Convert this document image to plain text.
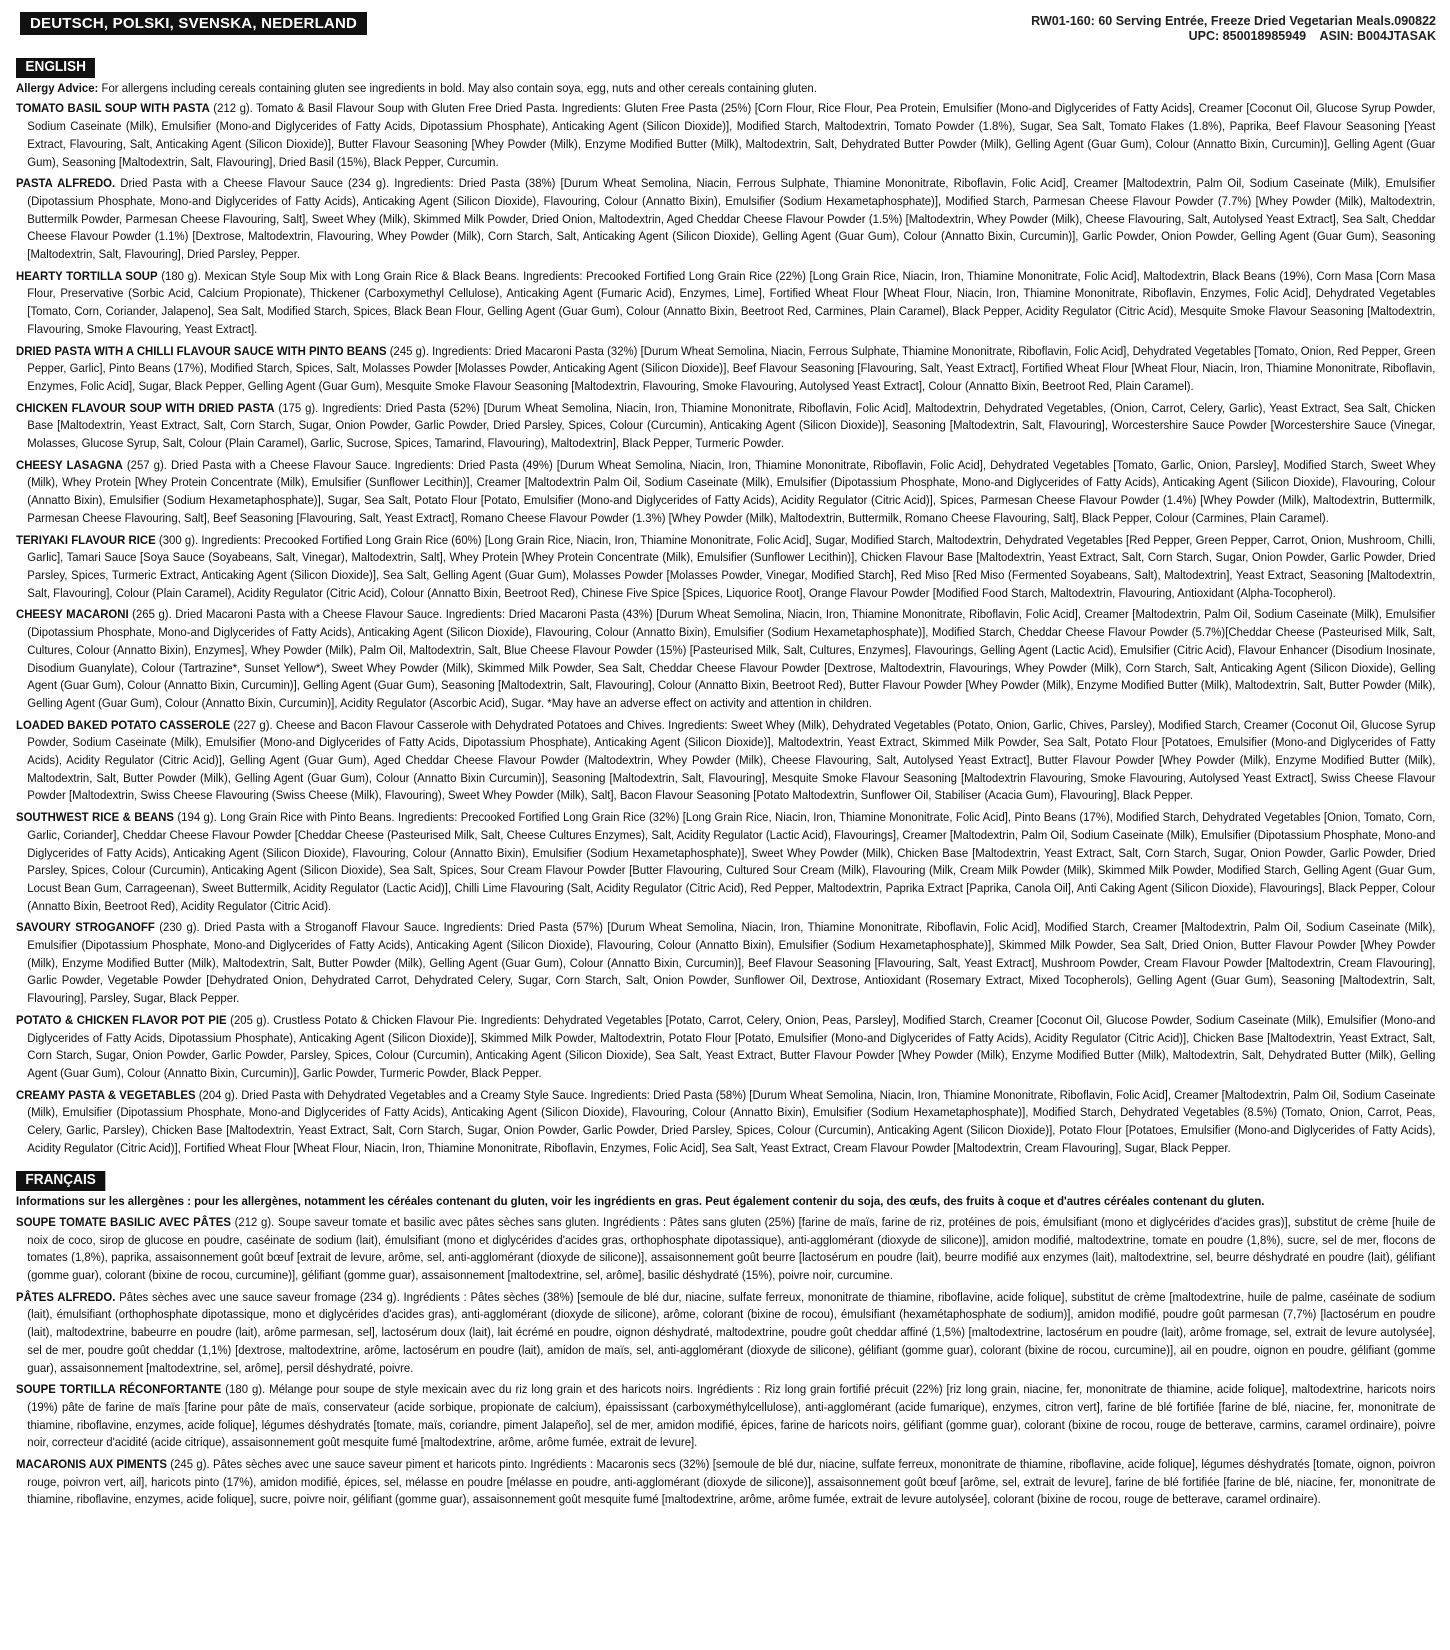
DEUTSCH, POLSKI, SVENSKA, NEDERLAND	RW01-160: 60 Serving Entrée, Freeze Dried Vegetarian Meals.090822
UPC: 850018985949    ASIN: B004JTASAK
ENGLISH
Allergy Advice: For allergens including cereals containing gluten see ingredients in bold. May also contain soya, egg, nuts and other cereals containing gluten.
TOMATO BASIL SOUP WITH PASTA (212 g). Tomato & Basil Flavour Soup with Gluten Free Dried Pasta. Ingredients: Gluten Free Pasta (25%) [Corn Flour, Rice Flour, Pea Protein, Emulsifier (Mono-and Diglycerides of Fatty Acids], Creamer [Coconut Oil, Glucose Syrup Powder, Sodium Caseinate (Milk), Emulsifier (Mono-and Diglycerides of Fatty Acids, Dipotassium Phosphate), Anticaking Agent (Silicon Dioxide)], Modified Starch, Maltodextrin, Tomato Powder (1.8%), Sugar, Sea Salt, Tomato Flakes (1.8%), Paprika, Beef Flavour Seasoning [Yeast Extract, Flavouring, Salt, Anticaking Agent (Silicon Dioxide)], Butter Flavour Seasoning [Whey Powder (Milk), Enzyme Modified Butter (Milk), Maltodextrin, Salt, Dehydrated Butter Powder (Milk), Gelling Agent (Guar Gum), Colour (Annatto Bixin, Curcumin)], Gelling Agent (Guar Gum), Seasoning [Maltodextrin, Salt, Flavouring], Dried Basil (15%), Black Pepper, Curcumin.
PASTA ALFREDO. Dried Pasta with a Cheese Flavour Sauce (234 g). Ingredients: Dried Pasta (38%) [Durum Wheat Semolina, Niacin, Ferrous Sulphate, Thiamine Mononitrate, Riboflavin, Folic Acid], Creamer [Maltodextrin, Palm Oil, Sodium Caseinate (Milk), Emulsifier (Dipotassium Phosphate, Mono-and Diglycerides of Fatty Acids), Anticaking Agent (Silicon Dioxide), Flavouring, Colour (Annatto Bixin), Emulsifier (Sodium Hexametaphosphate)], Modified Starch, Parmesan Cheese Flavour Powder (7.7%) [Whey Powder (Milk), Maltodextrin, Buttermilk Powder, Parmesan Cheese Flavouring, Salt], Sweet Whey (Milk), Skimmed Milk Powder, Dried Onion, Maltodextrin, Aged Cheddar Cheese Flavour Powder (1.5%) [Maltodextrin, Whey Powder (Milk), Cheese Flavouring, Salt, Autolysed Yeast Extract], Sea Salt, Cheddar Cheese Flavour Powder (1.1%) [Dextrose, Maltodextrin, Flavouring, Whey Powder (Milk), Corn Starch, Salt, Anticaking Agent (Silicon Dioxide), Gelling Agent (Guar Gum), Colour (Annatto Bixin, Curcumin)], Garlic Powder, Onion Powder, Gelling Agent (Guar Gum), Seasoning [Maltodextrin, Salt, Flavouring], Dried Parsley, Pepper.
HEARTY TORTILLA SOUP (180 g). Mexican Style Soup Mix with Long Grain Rice & Black Beans. Ingredients: Precooked Fortified Long Grain Rice (22%) [Long Grain Rice, Niacin, Iron, Thiamine Mononitrate, Folic Acid], Maltodextrin, Black Beans (19%), Corn Masa [Corn Masa Flour, Preservative (Sorbic Acid, Calcium Propionate), Thickener (Carboxymethyl Cellulose), Anticaking Agent (Fumaric Acid), Enzymes, Lime], Fortified Wheat Flour [Wheat Flour, Niacin, Iron, Thiamine Mononitrate, Riboflavin, Enzymes, Folic Acid], Dehydrated Vegetables [Tomato, Corn, Coriander, Jalapeno], Sea Salt, Modified Starch, Spices, Black Bean Flour, Gelling Agent (Guar Gum), Colour (Annatto Bixin, Beetroot Red, Carmines, Plain Caramel), Black Pepper, Acidity Regulator (Citric Acid), Mesquite Smoke Flavour Seasoning [Maltodextrin, Flavouring, Smoke Flavouring, Yeast Extract].
DRIED PASTA WITH A CHILLI FLAVOUR SAUCE WITH PINTO BEANS (245 g). Ingredients: Dried Macaroni Pasta (32%) [Durum Wheat Semolina, Niacin, Ferrous Sulphate, Thiamine Mononitrate, Riboflavin, Folic Acid], Dehydrated Vegetables [Tomato, Onion, Red Pepper, Green Pepper, Garlic], Pinto Beans (17%), Modified Starch, Spices, Salt, Molasses Powder [Molasses Powder, Anticaking Agent (Silicon Dioxide)], Beef Flavour Seasoning [Flavouring, Salt, Yeast Extract], Fortified Wheat Flour [Wheat Flour, Niacin, Iron, Thiamine Mononitrate, Riboflavin, Enzymes, Folic Acid], Sugar, Black Pepper, Gelling Agent (Guar Gum), Mesquite Smoke Flavour Seasoning [Maltodextrin, Flavouring, Smoke Flavouring, Autolysed Yeast Extract], Colour (Annatto Bixin, Beetroot Red, Plain Caramel).
CHICKEN FLAVOUR SOUP WITH DRIED PASTA (175 g). Ingredients: Dried Pasta (52%) [Durum Wheat Semolina, Niacin, Iron, Thiamine Mononitrate, Riboflavin, Folic Acid], Maltodextrin, Dehydrated Vegetables, (Onion, Carrot, Celery, Garlic), Yeast Extract, Sea Salt, Chicken Base [Maltodextrin, Yeast Extract, Salt, Corn Starch, Sugar, Onion Powder, Garlic Powder, Dried Parsley, Spices, Colour (Curcumin), Anticaking Agent (Silicon Dioxide)], Seasoning [Maltodextrin, Salt, Flavouring], Worcestershire Sauce Powder [Worcestershire Sauce (Vinegar, Molasses, Glucose Syrup, Salt, Colour (Plain Caramel), Garlic, Sucrose, Spices, Tamarind, Flavouring), Maltodextrin], Black Pepper, Turmeric Powder.
CHEESY LASAGNA (257 g). Dried Pasta with a Cheese Flavour Sauce. Ingredients: Dried Pasta (49%) [Durum Wheat Semolina, Niacin, Iron, Thiamine Mononitrate, Riboflavin, Folic Acid], Dehydrated Vegetables [Tomato, Garlic, Onion, Parsley], Modified Starch, Sweet Whey (Milk), Whey Protein [Whey Protein Concentrate (Milk), Emulsifier (Sunflower Lecithin)], Creamer [Maltodextrin Palm Oil, Sodium Caseinate (Milk), Emulsifier (Dipotassium Phosphate, Mono-and Diglycerides of Fatty Acids), Anticaking Agent (Silicon Dioxide), Flavouring, Colour (Annatto Bixin), Emulsifier (Sodium Hexametaphosphate)], Sugar, Sea Salt, Potato Flour [Potato, Emulsifier (Mono-and Diglycerides of Fatty Acids), Acidity Regulator (Citric Acid)], Spices, Parmesan Cheese Flavour Powder (1.4%) [Whey Powder (Milk), Maltodextrin, Buttermilk, Parmesan Cheese Flavouring, Salt], Beef Seasoning [Flavouring, Salt, Yeast Extract], Romano Cheese Flavour Powder (1.3%) [Whey Powder (Milk), Maltodextrin, Buttermilk, Romano Cheese Flavouring, Salt], Black Pepper, Colour (Carmines, Plain Caramel).
TERIYAKI FLAVOUR RICE (300 g). Ingredients: Precooked Fortified Long Grain Rice (60%) [Long Grain Rice, Niacin, Iron, Thiamine Mononitrate, Folic Acid], Sugar, Modified Starch, Maltodextrin, Dehydrated Vegetables [Red Pepper, Green Pepper, Carrot, Onion, Mushroom, Chilli, Garlic], Tamari Sauce [Soya Sauce (Soyabeans, Salt, Vinegar), Maltodextrin, Salt], Whey Protein [Whey Protein Concentrate (Milk), Emulsifier (Sunflower Lecithin)], Chicken Flavour Base [Maltodextrin, Yeast Extract, Salt, Corn Starch, Sugar, Onion Powder, Garlic Powder, Dried Parsley, Spices, Turmeric Extract, Anticaking Agent (Silicon Dioxide)], Sea Salt, Gelling Agent (Guar Gum), Molasses Powder [Molasses Powder, Vinegar, Modified Starch], Red Miso [Red Miso (Fermented Soyabeans, Salt), Maltodextrin], Yeast Extract, Seasoning [Maltodextrin, Salt, Flavouring], Colour (Plain Caramel), Acidity Regulator (Citric Acid), Colour (Annatto Bixin, Beetroot Red), Chinese Five Spice [Spices, Liquorice Root], Orange Flavour Powder [Modified Food Starch, Maltodextrin, Flavouring, Antioxidant (Alpha-Tocopherol).
CHEESY MACARONI (265 g). Dried Macaroni Pasta with a Cheese Flavour Sauce. Ingredients: Dried Macaroni Pasta (43%) [Durum Wheat Semolina, Niacin, Iron, Thiamine Mononitrate, Riboflavin, Folic Acid], Creamer [Maltodextrin, Palm Oil, Sodium Caseinate (Milk), Emulsifier (Dipotassium Phosphate, Mono-and Diglycerides of Fatty Acids), Anticaking Agent (Silicon Dioxide), Flavouring, Colour (Annatto Bixin), Emulsifier (Sodium Hexametaphosphate)], Modified Starch, Cheddar Cheese Flavour Powder (5.7%)[Cheddar Cheese (Pasteurised Milk, Salt, Cultures, Colour (Annatto Bixin), Enzymes], Whey Powder (Milk), Palm Oil, Maltodextrin, Salt, Blue Cheese Flavour Powder (15%) [Pasteurised Milk, Salt, Cultures, Enzymes], Flavourings, Gelling Agent (Lactic Acid), Emulsifier (Citric Acid), Flavour Enhancer (Disodium Inosinate, Disodium Guanylate), Colour (Tartrazine*, Sunset Yellow*), Sweet Whey Powder (Milk), Skimmed Milk Powder, Sea Salt, Cheddar Cheese Flavour Powder [Dextrose, Maltodextrin, Flavourings, Whey Powder (Milk), Corn Starch, Salt, Anticaking Agent (Silicon Dioxide), Gelling Agent (Guar Gum), Colour (Annatto Bixin, Curcumin)], Gelling Agent (Guar Gum), Seasoning [Maltodextrin, Salt, Flavouring], Colour (Annatto Bixin, Beetroot Red), Butter Flavour Powder [Whey Powder (Milk), Enzyme Modified Butter (Milk), Maltodextrin, Salt, Butter Powder (Milk), Gelling Agent (Guar Gum), Colour (Annatto Bixin, Curcumin)], Acidity Regulator (Ascorbic Acid), Sugar. *May have an adverse effect on activity and attention in children.
LOADED BAKED POTATO CASSEROLE (227 g). Cheese and Bacon Flavour Casserole with Dehydrated Potatoes and Chives. Ingredients: Sweet Whey (Milk), Dehydrated Vegetables (Potato, Onion, Garlic, Chives, Parsley), Modified Starch, Creamer (Coconut Oil, Glucose Syrup Powder, Sodium Caseinate (Milk), Emulsifier (Mono-and Diglycerides of Fatty Acids, Dipotassium Phosphate), Anticaking Agent (Silicon Dioxide)], Maltodextrin, Yeast Extract, Skimmed Milk Powder, Sea Salt, Potato Flour [Potatoes, Emulsifier (Mono-and Diglycerides of Fatty Acids), Acidity Regulator (Citric Acid)], Gelling Agent (Guar Gum), Aged Cheddar Cheese Flavour Powder (Maltodextrin, Whey Powder (Milk), Cheese Flavouring, Salt, Autolysed Yeast Extract], Butter Flavour Powder [Whey Powder (Milk), Enzyme Modified Butter (Milk), Maltodextrin, Salt, Butter Powder (Milk), Gelling Agent (Guar Gum), Colour (Annatto Bixin Curcumin)], Seasoning [Maltodextrin, Salt, Flavouring], Mesquite Smoke Flavour Seasoning [Maltodextrin Flavouring, Smoke Flavouring, Autolysed Yeast Extract], Swiss Cheese Flavour Powder [Maltodextrin, Swiss Cheese Flavouring (Swiss Cheese (Milk), Flavouring), Sweet Whey Powder (Milk), Salt], Bacon Flavour Seasoning [Potato Maltodextrin, Sunflower Oil, Stabiliser (Acacia Gum), Flavouring], Black Pepper.
SOUTHWEST RICE & BEANS (194 g). Long Grain Rice with Pinto Beans. Ingredients: Precooked Fortified Long Grain Rice (32%) [Long Grain Rice, Niacin, Iron, Thiamine Mononitrate, Folic Acid], Pinto Beans (17%), Modified Starch, Dehydrated Vegetables [Onion, Tomato, Corn, Garlic, Coriander], Cheddar Cheese Flavour Powder [Cheddar Cheese (Pasteurised Milk, Salt, Cheese Cultures Enzymes), Salt, Acidity Regulator (Lactic Acid), Flavourings], Creamer [Maltodextrin, Palm Oil, Sodium Caseinate (Milk), Emulsifier (Dipotassium Phosphate, Mono-and Diglycerides of Fatty Acids), Anticaking Agent (Silicon Dioxide), Flavouring, Colour (Annatto Bixin), Emulsifier (Sodium Hexametaphosphate)], Sweet Whey Powder (Milk), Chicken Base [Maltodextrin, Yeast Extract, Salt, Corn Starch, Sugar, Onion Powder, Garlic Powder, Dried Parsley, Spices, Colour (Curcumin), Anticaking Agent (Silicon Dioxide), Sea Salt, Spices, Sour Cream Flavour Powder [Butter Flavouring, Cultured Sour Cream (Milk), Flavouring (Milk, Cream Milk Powder (Milk), Skimmed Milk Powder, Modified Starch, Gelling Agent (Guar Gum, Locust Bean Gum, Carrageenan), Sweet Buttermilk, Acidity Regulator (Lactic Acid)], Chilli Lime Flavouring (Salt, Acidity Regulator (Citric Acid), Red Pepper, Maltodextrin, Paprika Extract [Paprika, Canola Oil], Anti Caking Agent (Silicon Dioxide), Flavourings], Black Pepper, Colour (Annatto Bixin, Beetroot Red), Acidity Regulator (Citric Acid).
SAVOURY STROGANOFF (230 g). Dried Pasta with a Stroganoff Flavour Sauce. Ingredients: Dried Pasta (57%) [Durum Wheat Semolina, Niacin, Iron, Thiamine Mononitrate, Riboflavin, Folic Acid], Modified Starch, Creamer [Maltodextrin, Palm Oil, Sodium Caseinate (Milk), Emulsifier (Dipotassium Phosphate, Mono-and Diglycerides of Fatty Acids), Anticaking Agent (Silicon Dioxide), Flavouring, Colour (Annatto Bixin), Emulsifier (Sodium Hexametaphosphate)], Skimmed Milk Powder, Sea Salt, Dried Onion, Butter Flavour Powder [Whey Powder (Milk), Enzyme Modified Butter (Milk), Maltodextrin, Salt, Butter Powder (Milk), Gelling Agent (Guar Gum), Colour (Annatto Bixin, Curcumin)], Beef Flavour Seasoning [Flavouring, Salt, Yeast Extract], Mushroom Powder, Cream Flavour Powder [Maltodextrin, Cream Flavouring], Garlic Powder, Vegetable Powder [Dehydrated Onion, Dehydrated Carrot, Dehydrated Celery, Sugar, Corn Starch, Salt, Onion Powder, Sunflower Oil, Dextrose, Antioxidant (Rosemary Extract, Mixed Tocopherols), Gelling Agent (Guar Gum), Seasoning [Maltodextrin, Salt, Flavouring], Parsley, Sugar, Black Pepper.
POTATO & CHICKEN FLAVOR POT PIE (205 g). Crustless Potato & Chicken Flavour Pie. Ingredients: Dehydrated Vegetables [Potato, Carrot, Celery, Onion, Peas, Parsley], Modified Starch, Creamer [Coconut Oil, Glucose Powder, Sodium Caseinate (Milk), Emulsifier (Mono-and Diglycerides of Fatty Acids, Dipotassium Phosphate), Anticaking Agent (Silicon Dioxide)], Skimmed Milk Powder, Maltodextrin, Potato Flour [Potato, Emulsifier (Mono-and Diglycerides of Fatty Acids), Acidity Regulator (Citric Acid)], Chicken Base [Maltodextrin, Yeast Extract, Salt, Corn Starch, Sugar, Onion Powder, Garlic Powder, Parsley, Spices, Colour (Curcumin), Anticaking Agent (Silicon Dioxide), Sea Salt, Yeast Extract, Butter Flavour Powder [Whey Powder (Milk), Enzyme Modified Butter (Milk), Maltodextrin, Salt, Dehydrated Butter (Milk), Gelling Agent (Guar Gum), Colour (Annatto Bixin, Curcumin)], Garlic Powder, Turmeric Powder, Black Pepper.
CREAMY PASTA & VEGETABLES (204 g). Dried Pasta with Dehydrated Vegetables and a Creamy Style Sauce. Ingredients: Dried Pasta (58%) [Durum Wheat Semolina, Niacin, Iron, Thiamine Mononitrate, Riboflavin, Folic Acid], Creamer [Maltodextrin, Palm Oil, Sodium Caseinate (Milk), Emulsifier (Dipotassium Phosphate, Mono-and Diglycerides of Fatty Acids), Anticaking Agent (Silicon Dioxide), Flavouring, Colour (Annatto Bixin), Emulsifier (Sodium Hexametaphosphate)], Modified Starch, Dehydrated Vegetables (8.5%) (Tomato, Onion, Carrot, Peas, Celery, Garlic, Parsley), Chicken Base [Maltodextrin, Yeast Extract, Salt, Corn Starch, Sugar, Onion Powder, Garlic Powder, Dried Parsley, Spices, Colour (Curcumin), Anticaking Agent (Silicon Dioxide)], Potato Flour [Potatoes, Emulsifier (Mono-and Diglycerides of Fatty Acids), Acidity Regulator (Citric Acid)], Fortified Wheat Flour [Wheat Flour, Niacin, Iron, Thiamine Mononitrate, Riboflavin, Enzymes, Folic Acid], Sea Salt, Yeast Extract, Cream Flavour Powder [Maltodextrin, Cream Flavouring], Sugar, Black Pepper.
FRANÇAIS
Informations sur les allergènes : pour les allergènes, notamment les céréales contenant du gluten, voir les ingrédients en gras. Peut également contenir du soja, des œufs, des fruits à coque et d'autres céréales contenant du gluten.
SOUPE TOMATE BASILIC AVEC PÂTES (212 g). Soupe saveur tomate et basilic avec pâtes sèches sans gluten. Ingrédients : Pâtes sans gluten (25%) [farine de maïs, farine de riz, protéines de pois, émulsifiant (mono et diglycérides d'acides gras)], substitut de crème [huile de noix de coco, sirop de glucose en poudre, caséinate de sodium (lait), émulsifiant (mono et diglycérides d'acides gras, orthophosphate dipotassique), anti-agglomérant (dioxyde de silicone)], amidon modifié, maltodextrine, tomate en poudre (1,8%), sucre, sel de mer, flocons de tomates (1,8%), paprika, assaisonnement goût bœuf [extrait de levure, arôme, sel, anti-agglomérant (dioxyde de silicone)], assaisonnement goût beurre [lactosérum en poudre (lait), beurre modifié aux enzymes (lait), maltodextrine, sel, beurre déshydraté en poudre (lait), gélifiant (gomme guar), colorant (bixine de rocou, curcumine)], gélifiant (gomme guar), assaisonnement [maltodextrine, sel, arôme], basilic déshydraté (15%), poivre noir, curcumine.
PÂTES ALFREDO. Pâtes sèches avec une sauce saveur fromage (234 g). Ingrédients : Pâtes sèches (38%) [semoule de blé dur, niacine, sulfate ferreux, mononitrate de thiamine, riboflavine, acide folique], substitut de crème [maltodextrine, huile de palme, caséinate de sodium (lait), émulsifiant (orthophosphate dipotassique, mono et diglycérides d'acides gras), anti-agglomérant (dioxyde de silicone), arôme, colorant (bixine de rocou), émulsifiant (hexamétaphosphate de sodium)], amidon modifié, poudre goût parmesan (7,7%) [lactosérum en poudre (lait), maltodextrine, babeurre en poudre (lait), arôme parmesan, sel], lactosérum doux (lait), lait écrémé en poudre, oignon déshydraté, maltodextrine, poudre goût cheddar affiné (1,5%) [maltodextrine, lactosérum en poudre (lait), arôme fromage, sel, extrait de levure autolysée], sel de mer, poudre goût cheddar (1,1%) [dextrose, maltodextrine, arôme, lactosérum en poudre (lait), amidon de maïs, sel, anti-agglomérant (dioxyde de silicone), gélifiant (gomme guar), colorant (bixine de rocou, curcumine)], ail en poudre, oignon en poudre, gélifiant (gomme guar), assaisonnement [maltodextrine, sel, arôme], persil déshydraté, poivre.
SOUPE TORTILLA RÉCONFORTANTE (180 g). Mélange pour soupe de style mexicain avec du riz long grain et des haricots noirs. Ingrédients : Riz long grain fortifié précuit (22%) [riz long grain, niacine, fer, mononitrate de thiamine, acide folique], maltodextrine, haricots noirs (19%) pâte de farine de maïs [farine pour pâte de maïs, conservateur (acide sorbique, propionate de calcium), épaississant (carboxyméthylcellulose), anti-agglomérant (acide fumarique), enzymes, citron vert], farine de blé fortifiée [farine de blé, niacine, fer, mononitrate de thiamine, riboflavine, enzymes, acide folique], légumes déshydratés [tomate, maïs, coriandre, piment Jalapeño], sel de mer, amidon modifié, épices, farine de haricots noirs, gélifiant (gomme guar), colorant (bixine de rocou, rouge de betterave, carmins, caramel ordinaire), poivre noir, correcteur d'acidité (acide citrique), assaisonnement goût mesquite fumé [maltodextrine, arôme, arôme fumée, extrait de levure].
MACARONIS AUX PIMENTS (245 g). Pâtes sèches avec une sauce saveur piment et haricots pinto. Ingrédients : Macaronis secs (32%) [semoule de blé dur, niacine, sulfate ferreux, mononitrate de thiamine, riboflavine, acide folique], légumes déshydratés [tomate, oignon, poivron rouge, poivron vert, ail], haricots pinto (17%), amidon modifié, épices, sel, mélasse en poudre [mélasse en poudre, anti-agglomérant (dioxyde de silicone)], assaisonnement goût bœuf [arôme, sel, extrait de levure], farine de blé fortifiée [farine de blé, niacine, fer, mononitrate de thiamine, riboflavine, enzymes, acide folique], sucre, poivre noir, gélifiant (gomme guar), assaisonnement goût mesquite fumé [maltodextrine, arôme, arôme fumée, extrait de levure autolysée], colorant (bixine de rocou, rouge de betterave, caramel ordinaire).
